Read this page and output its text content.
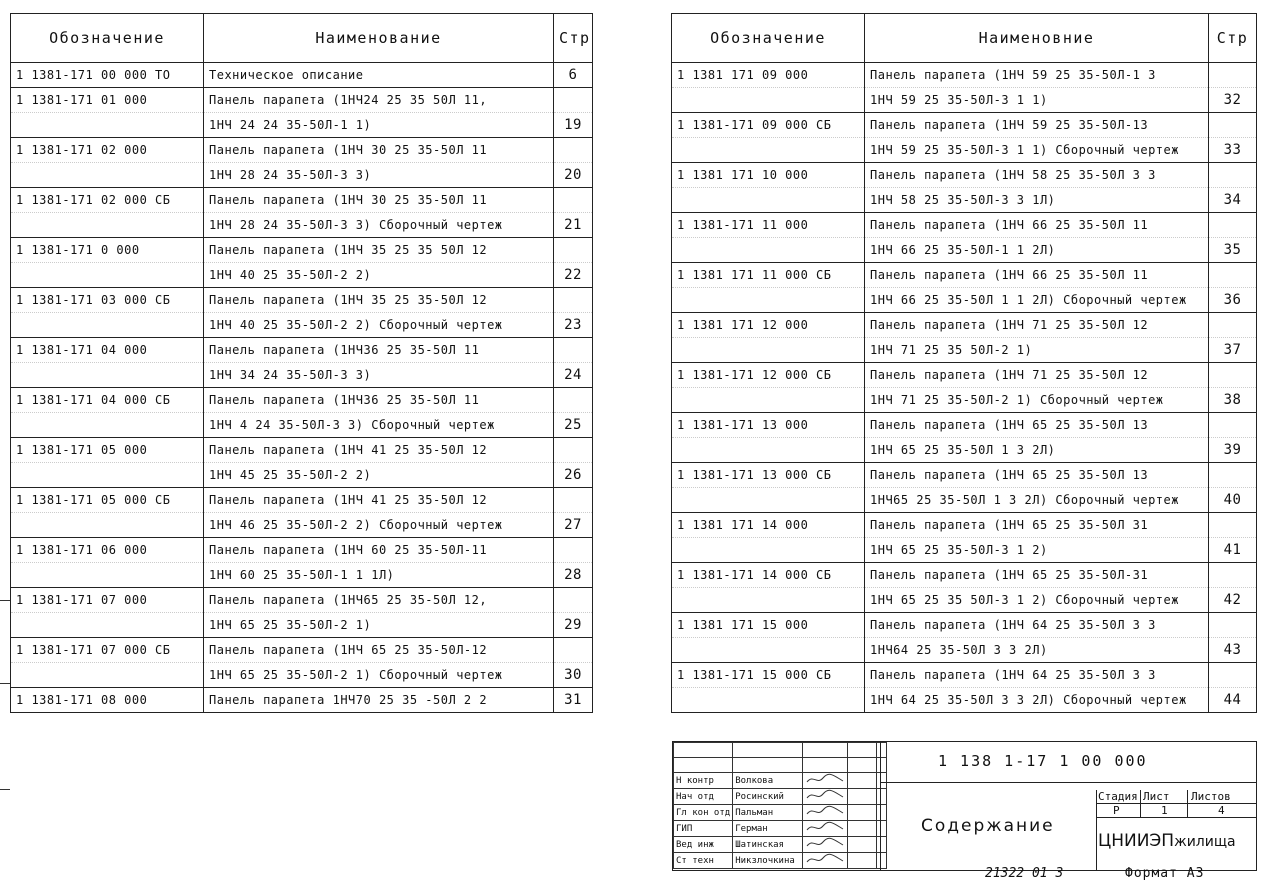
Обозначение	Наименование	Стр
1 1381-171 00 000 ТО	Техническое описание	6
1 1381-171 01 000	Панель парапета (1НЧ24 25 35 50Л 11,	
	1НЧ 24 24 35-50Л-1 1)	19
1 1381-171 02 000	Панель парапета (1НЧ 30 25 35-50Л 11	
	1НЧ 28 24 35-50Л-3 3)	20
1 1381-171 02 000 СБ	Панель парапета (1НЧ 30 25 35-50Л 11	
	1НЧ 28 24 35-50Л-3 3) Сборочный чертеж	21
1 1381-171 0 000	Панель парапета (1НЧ 35 25 35 50Л 12	
	1НЧ 40 25 35-50Л-2 2)	22
1 1381-171 03 000 СБ	Панель парапета (1НЧ 35 25 35-50Л 12	
	1НЧ 40 25 35-50Л-2 2) Сборочный чертеж	23
1 1381-171 04 000	Панель парапета (1НЧ36 25 35-50Л 11	
	1НЧ 34 24 35-50Л-3 3)	24
1 1381-171 04 000 СБ	Панель парапета (1НЧ36 25 35-50Л 11	
	1НЧ 4 24 35-50Л-3 3) Сборочный чертеж	25
1 1381-171 05 000	Панель парапета (1НЧ 41 25 35-50Л 12	
	1НЧ 45 25 35-50Л-2 2)	26
1 1381-171 05 000 СБ	Панель парапета (1НЧ 41 25 35-50Л 12	
	1НЧ 46 25 35-50Л-2 2) Сборочный чертеж	27
1 1381-171 06 000	Панель парапета (1НЧ 60 25 35-50Л-11	
	1НЧ 60 25 35-50Л-1 1 1Л)	28
1 1381-171 07 000	Панель парапета (1НЧ65 25 35-50Л 12,	
	1НЧ 65 25 35-50Л-2 1)	29
1 1381-171 07 000 СБ	Панель парапета (1НЧ 65 25 35-50Л-12	
	1НЧ 65 25 35-50Л-2 1) Сборочный чертеж	30
1 1381-171 08 000	Панель парапета 1НЧ70 25 35 -50Л 2 2	31
Обозначение	Наименовние	Стр
1 1381 171 09 000	Панель парапета (1НЧ 59 25 35-50Л-1 3	
	1НЧ 59 25 35-50Л-3 1 1)	32
1 1381-171 09 000 СБ	Панель парапета (1НЧ 59 25 35-50Л-13	
	1НЧ 59 25 35-50Л-3 1 1) Сборочный чертеж	33
1 1381 171 10 000	Панель парапета (1НЧ 58 25 35-50Л 3 3	
	1НЧ 58 25 35-50Л-3 3 1Л)	34
1 1381-171 11 000	Панель парапета (1НЧ 66 25 35-50Л 11	
	1НЧ 66 25 35-50Л-1 1 2Л)	35
1 1381 171 11 000 СБ	Панель парапета (1НЧ 66 25 35-50Л 11	
	1НЧ 66 25 35-50Л 1 1 2Л) Сборочный чертеж	36
1 1381 171 12 000	Панель парапета (1НЧ 71 25 35-50Л 12	
	1НЧ 71 25 35 50Л-2 1)	37
1 1381-171 12 000 СБ	Панель парапета (1НЧ 71 25 35-50Л 12	
	1НЧ 71 25 35-50Л-2 1) Сборочный чертеж	38
1 1381-171 13 000	Панель парапета (1НЧ 65 25 35-50Л 13	
	1НЧ 65 25 35-50Л 1 3 2Л)	39
1 1381-171 13 000 СБ	Панель парапета (1НЧ 65 25 35-50Л 13	
	1НЧ65 25 35-50Л 1 3 2Л) Сборочный чертеж	40
1 1381 171 14 000	Панель парапета (1НЧ 65 25 35-50Л 31	
	1НЧ 65 25 35-50Л-3 1 2)	41
1 1381-171 14 000 СБ	Панель парапета (1НЧ 65 25 35-50Л-31	
	1НЧ 65 25 35 50Л-3 1 2) Сборочный чертеж	42
1 1381 171 15 000	Панель парапета (1НЧ 64 25 35-50Л 3 3	
	1НЧ64 25 35-50Л 3 3 2Л)	43
1 1381-171 15 000 СБ	Панель парапета (1НЧ 64 25 35-50Л 3 3	
	1НЧ 64 25 35-50Л 3 3 2Л) Сборочный чертеж	44

Н контр	Волкова			
Нач отд	Росинский			
Гл кон отд	Пальман			
ГИП	Герман			
Вед инж	Шатинская			
Ст техн	Никзлочкина			
1 138 1-17 1 00 000
Содержание
Стадия Лист Листов
Р	1	4
ЦНИИЭПжилища
21322 01 3	Формат А3
